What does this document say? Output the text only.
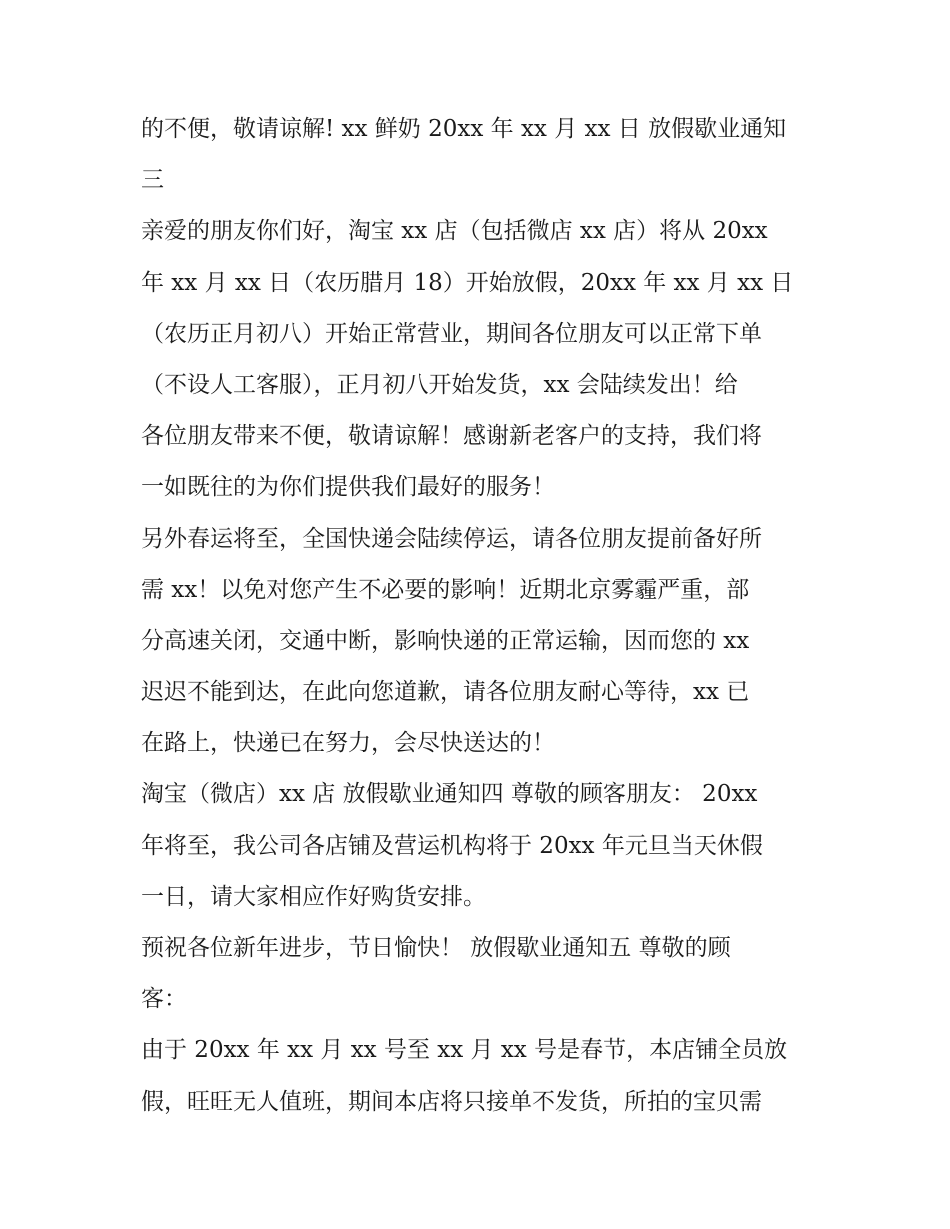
的不便，敬请谅解! xx 鲜奶 20xx 年 xx 月 xx 日 放假歇业通知
三
亲爱的朋友你们好，淘宝 xx 店（包括微店 xx 店）将从 20xx
年 xx 月 xx 日（农历腊月 18）开始放假，20xx 年 xx 月 xx 日
（农历正月初八）开始正常营业，期间各位朋友可以正常下单
（不设人工客服），正月初八开始发货，xx 会陆续发出！给
各位朋友带来不便，敬请谅解！感谢新老客户的支持，我们将
一如既往的为你们提供我们最好的服务！
另外春运将至，全国快递会陆续停运，请各位朋友提前备好所
需 xx！以免对您产生不必要的影响！近期北京雾霾严重，部
分高速关闭，交通中断，影响快递的正常运输，因而您的 xx
迟迟不能到达，在此向您道歉，请各位朋友耐心等待，xx 已
在路上，快递已在努力，会尽快送达的！
淘宝（微店）xx 店 放假歇业通知四 尊敬的顾客朋友： 20xx
年将至，我公司各店铺及营运机构将于 20xx 年元旦当天休假
一日，请大家相应作好购货安排。
预祝各位新年进步，节日愉快！ 放假歇业通知五 尊敬的顾
客：
由于 20xx 年 xx 月 xx 号至 xx 月 xx 号是春节，本店铺全员放
假，旺旺无人值班，期间本店将只接单不发货，所拍的宝贝需
